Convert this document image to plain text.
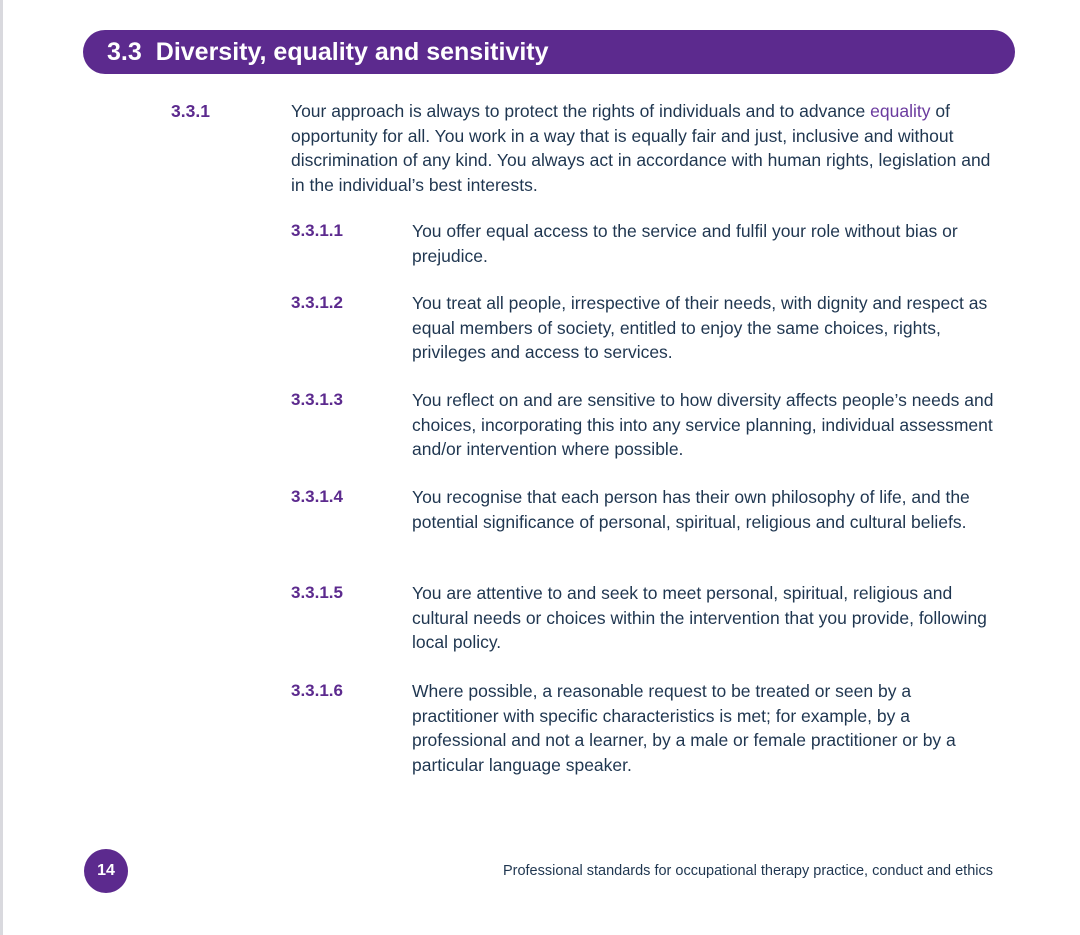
3.3 Diversity, equality and sensitivity
3.3.1	Your approach is always to protect the rights of individuals and to advance equality of opportunity for all. You work in a way that is equally fair and just, inclusive and without discrimination of any kind. You always act in accordance with human rights, legislation and in the individual’s best interests.
3.3.1.1	You offer equal access to the service and fulfil your role without bias or prejudice.
3.3.1.2	You treat all people, irrespective of their needs, with dignity and respect as equal members of society, entitled to enjoy the same choices, rights, privileges and access to services.
3.3.1.3	You reflect on and are sensitive to how diversity affects people’s needs and choices, incorporating this into any service planning, individual assessment and/or intervention where possible.
3.3.1.4	You recognise that each person has their own philosophy of life, and the potential significance of personal, spiritual, religious and cultural beliefs.
3.3.1.5	You are attentive to and seek to meet personal, spiritual, religious and cultural needs or choices within the intervention that you provide, following local policy.
3.3.1.6	Where possible, a reasonable request to be treated or seen by a practitioner with specific characteristics is met; for example, by a professional and not a learner, by a male or female practitioner or by a particular language speaker.
14	Professional standards for occupational therapy practice, conduct and ethics
